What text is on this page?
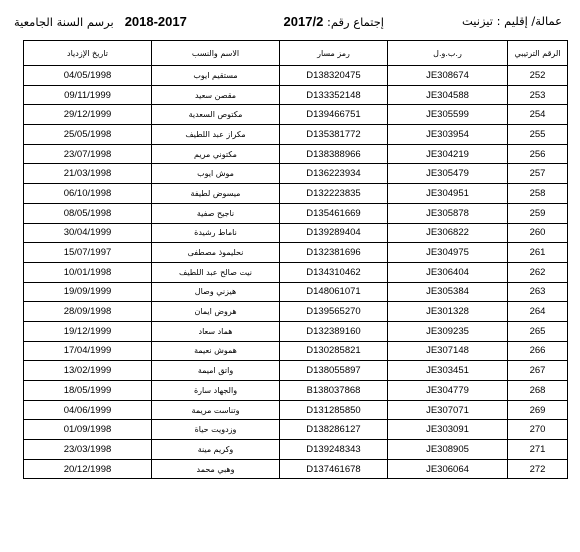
عمالة/ إقليم : تيزنيت
إجتماع رقم: 2017/2
2018-2017   برسم السنة الجامعية
الرقم الترتيبي	ر.ب.و.ل	رمز مسار	الاسم والنسب	تاريخ الإزدياد
252	JE308674	D138320475	مستقيم ايوب	04/05/1998
253	JE304588	D133352148	مقصن سعيد	09/11/1999
254	JE305599	D139466751	مكتوص السعدية	29/12/1999
255	JE303954	D135381772	مكراز عبد اللطيف	25/05/1998
256	JE304219	D138388966	مكتوني مريم	23/07/1998
257	JE305479	D136223934	موش ايوب	21/03/1998
258	JE304951	D132223835	ميسوض لطيفة	06/10/1998
259	JE305878	D135461669	ناجيح صفية	08/05/1998
260	JE306822	D139289404	ناماط رشيدة	30/04/1999
261	JE304975	D132381696	نحليموذ مصطفى	15/07/1997
262	JE306404	D134310462	نيت صالح عبد اللطيف	10/01/1998
263	JE305384	D148061071	هيزني وصال	19/09/1999
264	JE301328	D139565270	هروض ايمان	28/09/1998
265	JE309235	D132389160	هماد سعاد	19/12/1999
266	JE307148	D130285821	هموش نعيمة	17/04/1999
267	JE303451	D138055897	واتق اميمة	13/02/1999
268	JE304779	B138037868	والجهاد سارة	18/05/1999
269	JE307071	D131285850	وتناست مريمة	04/06/1999
270	JE303091	D138286127	وزدويت حياة	01/09/1998
271	JE308905	D139248343	وكريم مينة	23/03/1998
272	JE306064	D137461678	وهبي محمد	20/12/1998
